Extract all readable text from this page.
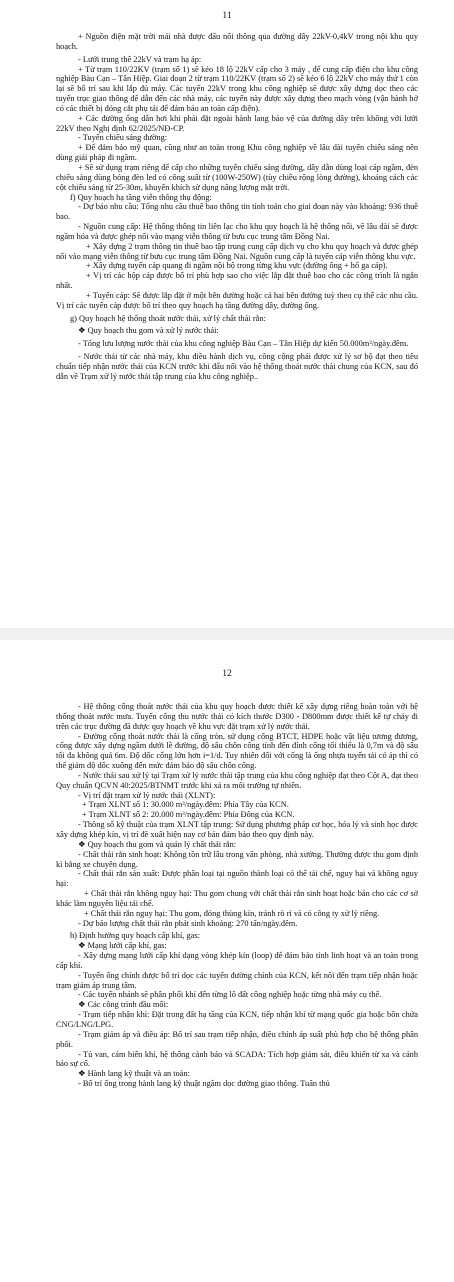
11

+ Nguồn điện mặt trời mái nhà được đấu nối thông qua đường dây 22kV-0,4kV trong nội khu quy hoạch.

- Lưới trung thế 22kV và trạm hạ áp:

+ Từ trạm 110/22KV (trạm số 1) sẽ kéo 18 lộ 22kV cấp cho 3 máy , để cung cấp điện cho khu công nghiệp Bàu Cạn – Tân Hiệp. Giai đoạn 2 từ trạm 110/22KV (trạm số 2) sẽ kéo 6 lộ 22kV cho máy thứ 1 còn lại sẽ bổ trí sau khi lắp đủ máy. Các tuyến 22kV trong khu công nghiệp sẽ được xây dựng dọc theo các tuyến trục giao thông để dẫn đến các nhà máy, các tuyến này được xây dựng theo mạch vòng (vận hành hở có các thiết bị đóng cắt phụ tải để đảm bảo an toàn cấp điện).

+ Các đường ống dẫn hơi khi phải đặt ngoài hành lang bảo vệ của đường dây trên không với lưới 22kV theo Nghị định 62/2025/NĐ-CP.

- Tuyến chiếu sáng đường:

+ Để đảm bảo mỹ quan, cũng như an toàn trong Khu công nghiệp về lâu dài tuyến chiếu sáng nên dùng giải pháp đi ngầm.

+ Sẽ sử dụng trạm riêng để cấp cho những tuyến chiếu sáng đường, dây dẫn dùng loại cáp ngầm, đèn chiếu sáng dùng bóng đèn led có công suất từ (100W-250W) (tùy chiều rộng lòng đường), khoảng cách các cột chiếu sáng từ 25-30m, khuyến khích sử dụng năng lượng mặt trời.

f) Quy hoạch hạ tầng viễn thông thụ động:

- Dự báo nhu cầu: Tổng nhu cầu thuê bao thông tin tính toán cho giai đoạn này vào khoảng: 936 thuê bao.

- Nguồn cung cấp: Hệ thống thông tin liên lạc cho khu quy hoạch là hệ thống nổi, về lâu dài sẽ được ngầm hóa và được ghép nối vào mạng viễn thông từ bưu cục trung tâm Đồng Nai.

+ Xây dựng 2 trạm thông tin thuê bao tập trung cung cấp dịch vụ cho khu quy hoạch và được ghép nối vào mạng viễn thông từ bưu cục trung tâm Đồng Nai. Nguồn cung cấp là tuyến cáp viễn thông khu vực.

+ Xây dựng tuyến cáp quang đi ngầm nội bộ trong từng khu vực (đường ống + hố ga cáp).

+ Vị trí các hộp cáp được bố trí phù hợp sao cho việc lắp đặt thuê bao cho các công trình là ngắn nhất.

+ Tuyến cáp: Sẽ được lắp đặt ở một bên đường hoặc cả hai bên đường tuỳ theo cụ thể các nhu cầu. Vị trí các tuyến cáp được bố trí theo quy hoạch hạ tầng đường dây, đường ống.

g) Quy hoạch hệ thống thoát nước thải, xử lý chất thải rắn:

❖ Quy hoạch thu gom và xử lý nước thải:

- Tổng lưu lượng nước thải của khu công nghiệp Bàu Cạn – Tân Hiệp dự kiến 50.000m³/ngày.đêm.

- Nước thải từ các nhà máy, khu điều hành dịch vụ, công cộng phải được xử lý sơ bộ đạt theo tiêu chuẩn tiếp nhận nước thải của KCN trước khi đấu nối vào hệ thống thoát nước thải chung của KCN, sau đó dẫn về Trạm xử lý nước thải tập trung của khu công nghiệp..

12

- Hệ thống cống thoát nước thải của khu quy hoạch được thiết kế xây dựng riêng hoàn toàn với hệ thống thoát nước mưa. Tuyến cống thu nước thải có kích thước D300 - D800mm được thiết kế tự chảy đi trên các trục đường đã được quy hoạch về khu vực đặt trạm xử lý nước thải.

- Đường cống thoát nước thải là cống tròn, sử dụng cống BTCT, HDPE hoặc vật liệu tương đương, cống được xây dựng ngầm dưới lề đường, độ sâu chôn cống tính đến đỉnh cống tối thiểu là 0,7m và độ sâu tối đa không quá 6m. Độ dốc cống lớn hơn i=1/d. Tuy nhiên đối với cống là ống nhựa tuyến tải có áp thì có thể giảm độ dốc xuống đến mức đảm bảo độ sâu chôn cống.

- Nước thải sau xử lý tại Trạm xử lý nước thải tập trung của khu công nghiệp đạt theo Cột A, đạt theo Quy chuẩn QCVN 40:2025/BTNMT trước khi xả ra môi trường tự nhiên.

- Vị trí đặt trạm xử lý nước thải (XLNT):

+ Trạm XLNT số 1: 30.000 m³/ngày.đêm: Phía Tây của KCN.

+ Trạm XLNT số 2: 20.000 m³/ngày.đêm: Phía Đông của KCN.

- Thông số kỹ thuật của trạm XLNT tập trung: Sử dụng phương pháp cơ học, hóa lý và sinh học được xây dựng khép kín, vị trí đề xuất hiện nay cơ bản đảm bảo theo quy định này.

❖ Quy hoạch thu gom và quản lý chất thải rắn:

- Chất thải rắn sinh hoạt: Không tồn trữ lâu trong văn phòng, nhà xưởng. Thường được thu gom định kì bằng xe chuyên dụng.

- Chất thải rắn sản xuất: Được phân loại tại nguồn thành loại có thể tái chế, nguy hại và không nguy hại:

+ Chất thải rắn không nguy hại: Thu gom chung với chất thải rắn sinh hoạt hoặc bán cho các cơ sở khác làm nguyên liệu tái chế.

+ Chất thải rắn nguy hại: Thu gom, đóng thùng kín, tránh rò rỉ và có công ty xử lý riêng.

- Dự báo lượng chất thải rắn phát sinh khoảng: 270 tấn/ngày.đêm.

h) Định hướng quy hoạch cấp khí, gas:

❖ Mạng lưới cấp khí, gas:

- Xây dựng mạng lưới cấp khí dạng vòng khép kín (loop) để đảm bảo tính linh hoạt và an toàn trong cấp khí.

- Tuyến ống chính được bố trí dọc các tuyến đường chính của KCN, kết nối đến trạm tiếp nhận hoặc trạm giảm áp trung tâm.

- Các tuyến nhánh sẽ phân phối khí đến từng lô đất công nghiệp hoặc từng nhà máy cụ thể.

❖ Các công trình đầu mối:

- Trạm tiếp nhận khí: Đặt trong đất hạ tầng của KCN, tiếp nhận khí từ mạng quốc gia hoặc bồn chứa CNG/LNG/LPG.

- Trạm giảm áp và điều áp: Bố trí sau trạm tiếp nhận, điều chỉnh áp suất phù hợp cho hệ thống phân phối.

- Tủ van, cảm biến khí, hệ thống cảnh báo và SCADA: Tích hợp giám sát, điều khiển từ xa và cảnh báo sự cố.

❖ Hành lang kỹ thuật và an toàn:

- Bố trí ống trong hành lang kỹ thuật ngầm dọc đường giao thông. Tuân thủ
